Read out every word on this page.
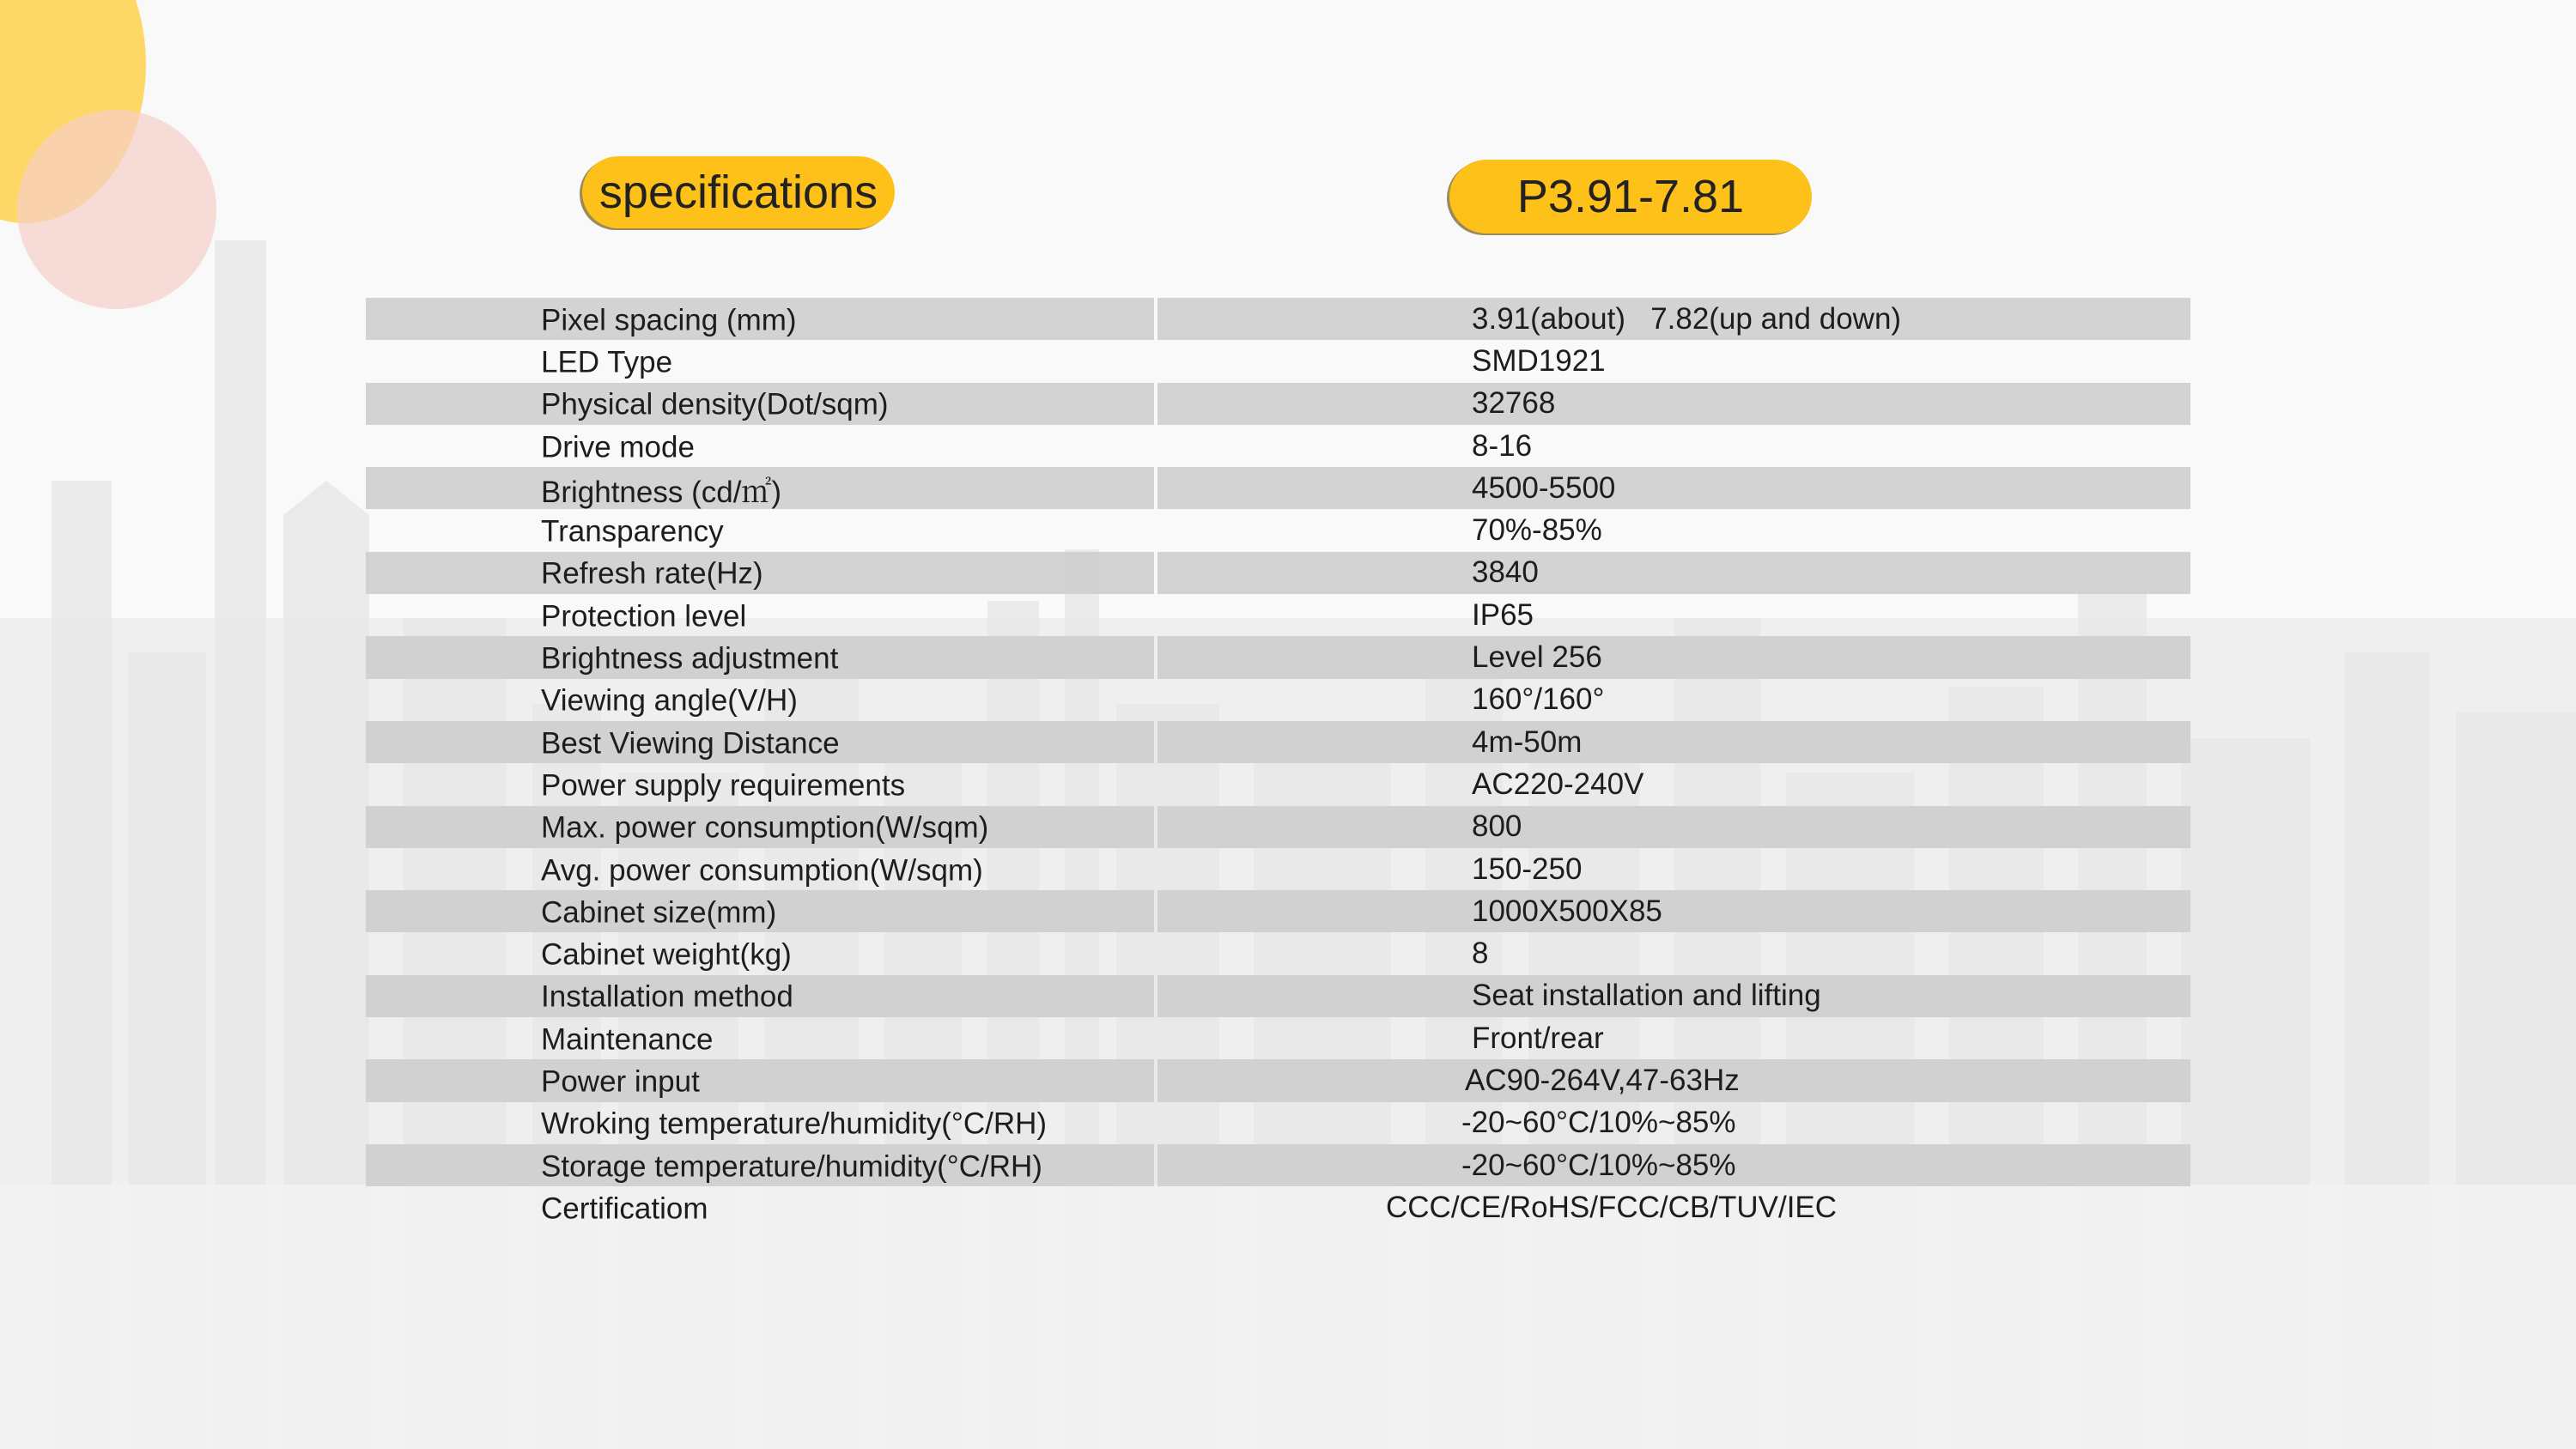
specifications	P3.91-7.81
Pixel spacing (mm)	3.91(about)   7.82(up and down)
LED Type	SMD1921
Physical density(Dot/sqm)	32768
Drive mode	8-16
Brightness (cd/㎡)	4500-5500
Transparency	70%-85%
Refresh rate(Hz)	3840
Protection level	IP65
Brightness adjustment	Level 256
Viewing angle(V/H)	160°/160°
Best Viewing Distance	4m-50m
Power supply requirements	AC220-240V
Max. power consumption(W/sqm)	800
Avg. power consumption(W/sqm)	150-250
Cabinet size(mm)	1000X500X85
Cabinet weight(kg)	8
Installation method	Seat installation and lifting
Maintenance	Front/rear
Power input	AC90-264V,47-63Hz
Wroking temperature/humidity(°C/RH)	-20~60°C/10%~85%
Storage temperature/humidity(°C/RH)	-20~60°C/10%~85%
Certificatiom	CCC/CE/RoHS/FCC/CB/TUV/IEC
